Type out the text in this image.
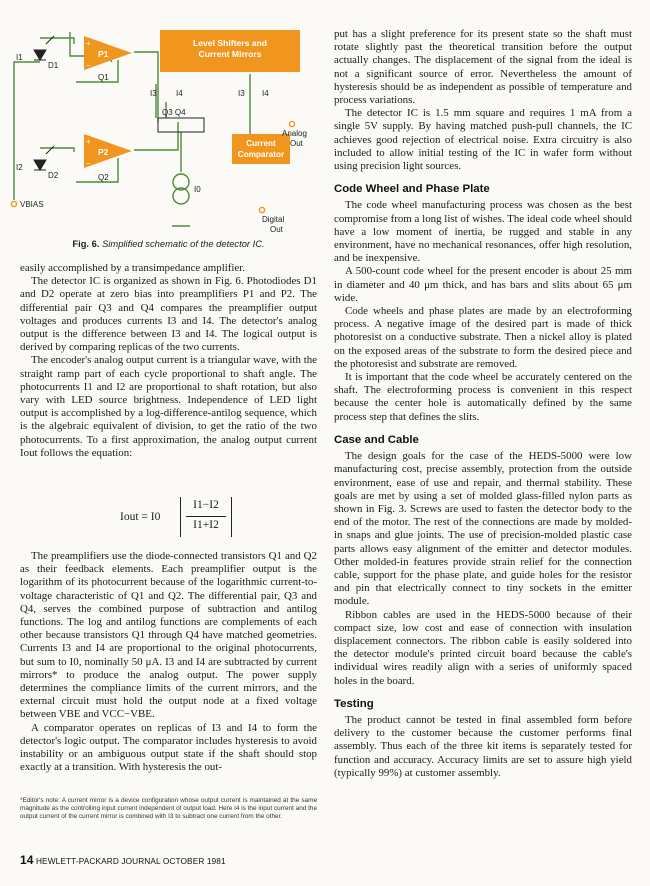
Level Shifters and
Current Mirrors
Current
Comparator
P1
P2
+
−
+
−
I1
D1
I2
D2
Q1
Q2
I3 I4
Q3 Q4
I3 I4
I0
Analog
Out
Digital
Out
VBIAS
Fig. 6. Simplified schematic of the detector IC.

easily accomplished by a transimpedance amplifier.

The detector IC is organized as shown in Fig. 6. Photodiodes D1 and D2 operate at zero bias into preamplifiers P1 and P2. The differential pair Q3 and Q4 compares the preamplifier output voltages and produces currents I3 and I4. The detector's analog output is the difference between I3 and I4. The logical output is derived by comparing replicas of the two currents.

The encoder's analog output current is a triangular wave, with the straight ramp part of each cycle proportional to shaft angle. The photocurrents I1 and I2 are proportional to shaft rotation, but also vary with LED source brightness. Independence of LED light output is accomplished by a log-difference-antilog sequence, which is the algebraic equivalent of division, to get the ratio of the two photocurrents. To a first approximation, the analog output current Iout follows the equation:

Iout = I0
I1−I2
I1+I2

The preamplifiers use the diode-connected transistors Q1 and Q2 as their feedback elements. Each preamplifier output is the logarithm of its photocurrent because of the logarithmic current-to-voltage characteristic of Q1 and Q2. The differential pair, Q3 and Q4, serves the combined purpose of subtraction and antilog functions. The log and antilog functions are complements of each other because transistors Q1 through Q4 have matched geometries. Currents I3 and I4 are proportional to the original photocurrents, but sum to I0, nominally 50 μA. I3 and I4 are subtracted by current mirrors* to produce the analog output. The power supply determines the compliance limits of the current mirrors, and the external circuit must hold the output node at a fixed voltage between VBE and VCC−VBE.

A comparator operates on replicas of I3 and I4 to form the detector's logic output. The comparator includes hysteresis to avoid instability or an ambiguous output state if the shaft should stop exactly at a transition. With hysteresis the out-

*Editor's note: A current mirror is a device configuration whose output current is maintained at the same magnitude as the controlling input current independent of output load. Here I4 is the input current and the output current of the current mirror is combined with I3 to subtract one current from the other.
14 HEWLETT-PACKARD JOURNAL OCTOBER 1981

put has a slight preference for its present state so the shaft must rotate slightly past the theoretical transition before the output actually changes. The displacement of the signal from the ideal is not a significant source of error. Nevertheless the amount of hysteresis should be as independent as possible of temperature and process variations.

The detector IC is 1.5 mm square and requires 1 mA from a single 5V supply. By having matched push-pull channels, the IC achieves good rejection of electrical noise. Extra circuitry is also included to allow initial testing of the IC in wafer form without using precision light sources.

Code Wheel and Phase Plate

The code wheel manufacturing process was chosen as the best compromise from a long list of wishes. The ideal code wheel should have a low moment of inertia, be rugged and stable in any environment, have no mechanical resonances, offer high resolution, and be inexpensive.

A 500-count code wheel for the present encoder is about 25 mm in diameter and 40 μm thick, and has bars and slits about 65 μm wide.

Code wheels and phase plates are made by an electroforming process. A negative image of the desired part is made of thick photoresist on a conductive substrate. Then a nickel alloy is plated on the exposed areas of the substrate to form the desired piece and the photoresist and substrate are removed.

It is important that the code wheel be accurately centered on the shaft. The electroforming process is convenient in this respect because the center hole is automatically defined by the same process step that defines the slits.

Case and Cable

The design goals for the case of the HEDS-5000 were low manufacturing cost, precise assembly, protection from the outside environment, ease of use and repair, and thermal stability. These goals are met by using a set of molded glass-filled nylon parts as shown in Fig. 3. Screws are used to fasten the detector body to the end of the motor. The rest of the connections are made by molded-in snaps and glue joints. The use of precision-molded plastic case parts allows easy alignment of the emitter and detector modules. Other molded-in features provide strain relief for the connection cable, support for the phase plate, and guide holes for the resistor and pin that electrically connect to tiny sockets in the emitter module.

Ribbon cables are used in the HEDS-5000 because of their compact size, low cost and ease of connection with insulation displacement connectors. The ribbon cable is easily soldered into the detector module's printed circuit board because the cable's individual wires readily align with a series of uniformly spaced holes in the board.

Testing

The product cannot be tested in final assembled form before delivery to the customer because the customer performs final assembly. Thus each of the three kit items is separately tested for function and accuracy. Accuracy limits are set to assure high yield (typically 99%) at customer assembly.
